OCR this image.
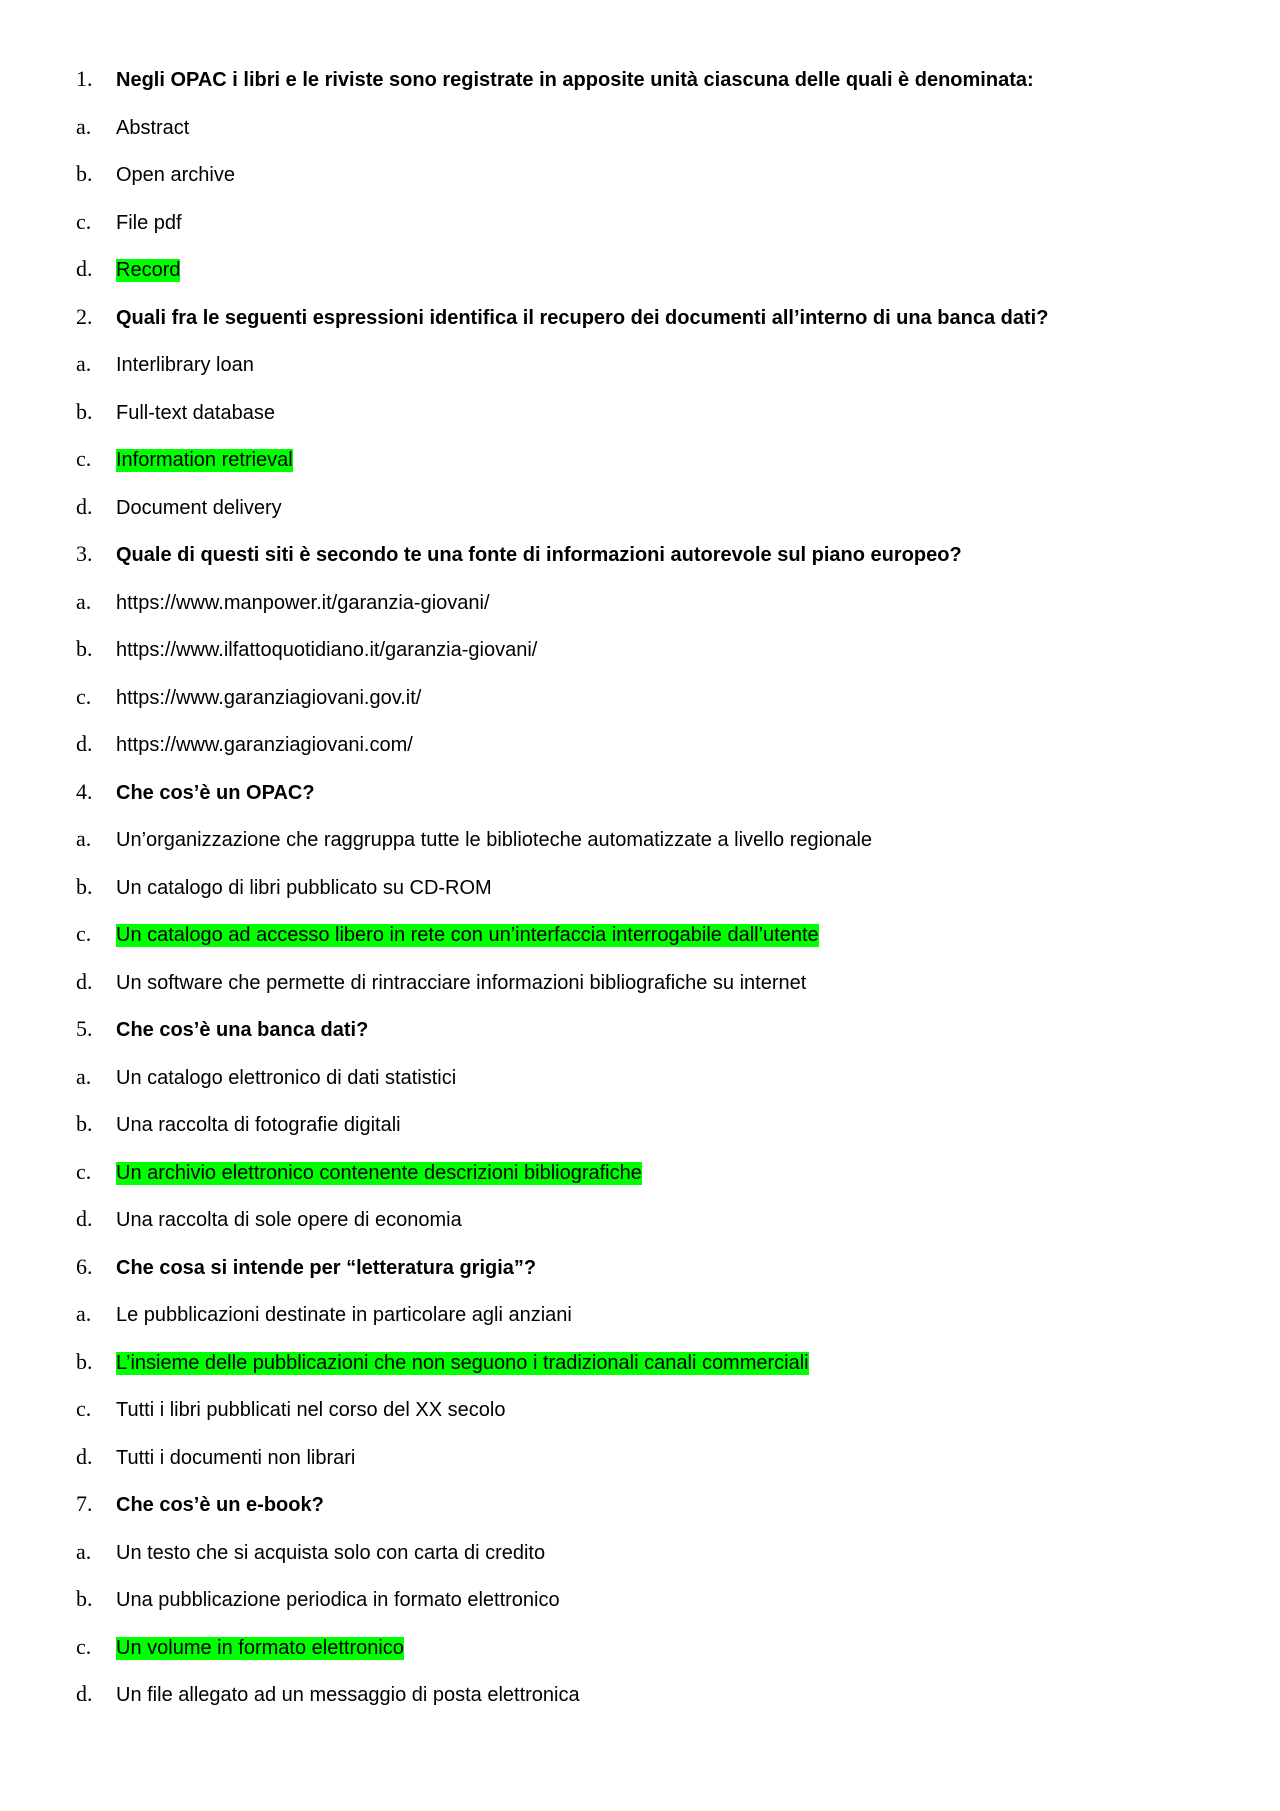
1.	Negli OPAC i libri e le riviste sono registrate in apposite unità ciascuna delle quali è denominata:
a.	Abstract
b.	Open archive
c.	File pdf
d.	Record
2.	Quali fra le seguenti espressioni identifica il recupero dei documenti all’interno di una banca dati?
a.	Interlibrary loan
b.	Full-text database
c.	Information retrieval
d.	Document delivery
3.	Quale di questi siti è secondo te una fonte di informazioni autorevole sul piano europeo?
a.	https://www.manpower.it/garanzia-giovani/
b.	https://www.ilfattoquotidiano.it/garanzia-giovani/
c.	https://www.garanziagiovani.gov.it/
d.	https://www.garanziagiovani.com/
4.	Che cos’è un OPAC?
a.	Un’organizzazione che raggruppa tutte le biblioteche automatizzate a livello regionale
b.	Un catalogo di libri pubblicato su CD-ROM
c.	Un catalogo ad accesso libero in rete con un’interfaccia interrogabile dall’utente
d.	Un software che permette di rintracciare informazioni bibliografiche su internet
5.	Che cos’è una banca dati?
a.	Un catalogo elettronico di dati statistici
b.	Una raccolta di fotografie digitali
c.	Un archivio elettronico contenente descrizioni bibliografiche
d.	Una raccolta di sole opere di economia
6.	Che cosa si intende per “letteratura grigia”?
a.	Le pubblicazioni destinate in particolare agli anziani
b.	L’insieme delle pubblicazioni che non seguono i tradizionali canali commerciali
c.	Tutti i libri pubblicati nel corso del XX secolo
d.	Tutti i documenti non librari
7.	Che cos’è un e-book?
a.	Un testo che si acquista solo con carta di credito
b.	Una pubblicazione periodica in formato elettronico
c.	Un volume in formato elettronico
d.	Un file allegato ad un messaggio di posta elettronica
